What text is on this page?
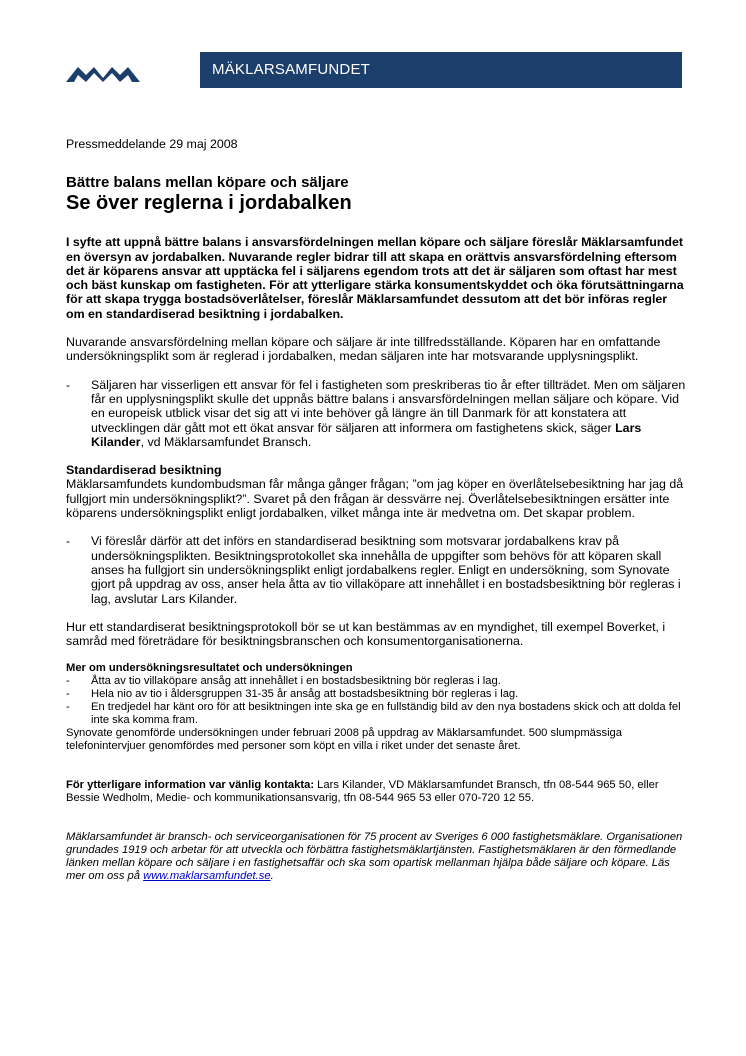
MÄKLARSAMFUNDET

Pressmeddelande 29 maj 2008

Bättre balans mellan köpare och säljare

Se över reglerna i jordabalken

I syfte att uppnå bättre balans i ansvarsfördelningen mellan köpare och säljare föreslår Mäklarsamfundet en översyn av jordabalken. Nuvarande regler bidrar till att skapa en orättvis ansvarsfördelning eftersom det är köparens ansvar att upptäcka fel i säljarens egendom trots att det är säljaren som oftast har mest och bäst kunskap om fastigheten. För att ytterligare stärka konsumentskyddet och öka förutsättningarna för att skapa trygga bostadsöverlåtelser, föreslår Mäklarsamfundet dessutom att det bör införas regler om en standardiserad besiktning i jordabalken.

Nuvarande ansvarsfördelning mellan köpare och säljare är inte tillfredsställande. Köparen har en omfattande undersökningsplikt som är reglerad i jordabalken, medan säljaren inte har motsvarande upplysningsplikt.

-	Säljaren har visserligen ett ansvar för fel i fastigheten som preskriberas tio år efter tillträdet. Men om säljaren får en upplysningsplikt skulle det uppnås bättre balans i ansvarsfördelningen mellan säljare och köpare. Vid en europeisk utblick visar det sig att vi inte behöver gå längre än till Danmark för att konstatera att utvecklingen där gått mot ett ökat ansvar för säljaren att informera om fastighetens skick, säger Lars Kilander, vd Mäklarsamfundet Bransch.

Standardiserad besiktning

Mäklarsamfundets kundombudsman får många gånger frågan; ”om jag köper en överlåtelsebesiktning har jag då fullgjort min undersökningsplikt?”. Svaret på den frågan är dessvärre nej. Överlåtelsebesiktningen ersätter inte köparens undersökningsplikt enligt jordabalken, vilket många inte är medvetna om. Det skapar problem.

-	Vi föreslår därför att det införs en standardiserad besiktning som motsvarar jordabalkens krav på undersökningsplikten. Besiktningsprotokollet ska innehålla de uppgifter som behövs för att köparen skall anses ha fullgjort sin undersökningsplikt enligt jordabalkens regler. Enligt en undersökning, som Synovate gjort på uppdrag av oss, anser hela åtta av tio villaköpare att innehållet i en bostadsbesiktning bör regleras i lag, avslutar Lars Kilander.

Hur ett standardiserat besiktningsprotokoll bör se ut kan bestämmas av en myndighet, till exempel Boverket, i samråd med företrädare för besiktningsbranschen och konsumentorganisationerna.

Mer om undersökningsresultatet och undersökningen
-	Åtta av tio villaköpare ansåg att innehållet i en bostadsbesiktning bör regleras i lag.
-	Hela nio av tio i åldersgruppen 31-35 år ansåg att bostadsbesiktning bör regleras i lag.
-	En tredjedel har känt oro för att besiktningen inte ska ge en fullständig bild av den nya bostadens skick och att dolda fel inte ska komma fram.
Synovate genomförde undersökningen under februari 2008 på uppdrag av Mäklarsamfundet. 500 slumpmässiga telefonintervjuer genomfördes med personer som köpt en villa i riket under det senaste året.

För ytterligare information var vänlig kontakta: Lars Kilander, VD Mäklarsamfundet Bransch, tfn 08-544 965 50, eller Bessie Wedholm, Medie- och kommunikationsansvarig, tfn 08-544 965 53 eller 070-720 12 55.

Mäklarsamfundet är bransch- och serviceorganisationen för 75 procent av Sveriges 6 000 fastighetsmäklare. Organisationen grundades 1919 och arbetar för att utveckla och förbättra fastighetsmäklartjänsten. Fastighetsmäklaren är den förmedlande länken mellan köpare och säljare i en fastighetsaffär och ska som opartisk mellanman hjälpa både säljare och köpare. Läs mer om oss på www.maklarsamfundet.se.
